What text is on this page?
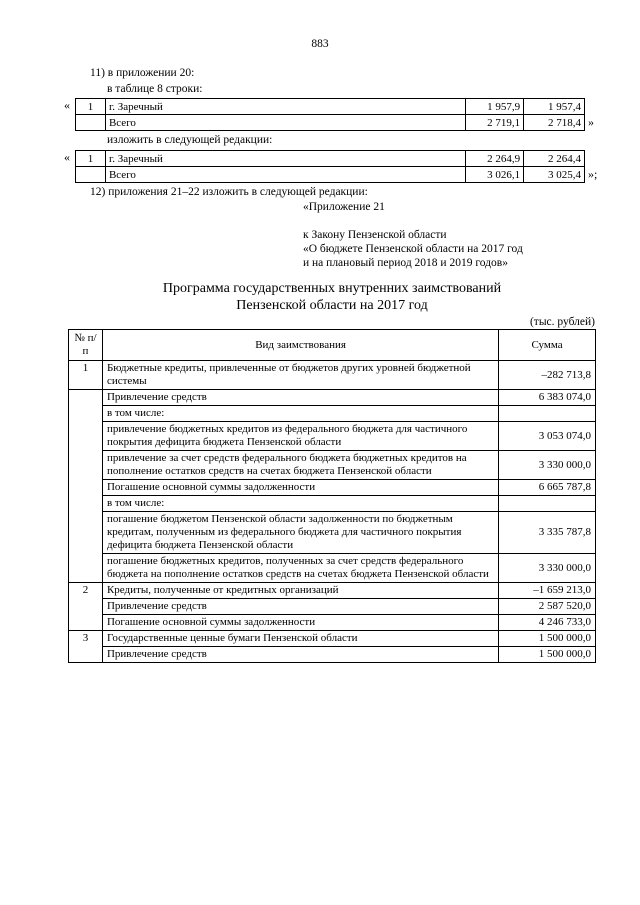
883
11) в приложении 20:
в таблице 8 строки:
« 1	г. Заречный	1 957,9	1 957,4
	Всего	2 719,1	2 718,4 »
изложить в следующей редакции:
« 1	г. Заречный	2 264,9	2 264,4
	Всего	3 026,1	3 025,4 »;
12) приложения 21–22 изложить в следующей редакции:
«Приложение 21
к Закону Пензенской области
«О бюджете Пензенской области на 2017 год
и на плановый период 2018 и 2019 годов»
Программа государственных внутренних заимствований
Пензенской области на 2017 год
(тыс. рублей)
№ п/п	Вид заимствования	Сумма
1	Бюджетные кредиты, привлеченные от бюджетов других уровней бюджетной системы	–282 713,8
	Привлечение средств	6 383 074,0
	в том числе:	
	привлечение бюджетных кредитов из федерального бюджета для частичного покрытия дефицита бюджета Пензенской области	3 053 074,0
	привлечение за счет средств федерального бюджета бюджетных кредитов на пополнение остатков средств на счетах бюджета Пензенской области	3 330 000,0
	Погашение основной суммы задолженности	6 665 787,8
	в том числе:	
	погашение бюджетом Пензенской области задолженности по бюджетным кредитам, полученным из федерального бюджета для частичного покрытия дефицита бюджета Пензенской области	3 335 787,8
	погашение бюджетных кредитов, полученных за счет средств федерального бюджета на пополнение остатков средств на счетах бюджета Пензенской области	3 330 000,0
2	Кредиты, полученные от кредитных организаций	–1 659 213,0
	Привлечение средств	2 587 520,0
	Погашение основной суммы задолженности	4 246 733,0
3	Государственные ценные бумаги Пензенской области	1 500 000,0
	Привлечение средств	1 500 000,0
